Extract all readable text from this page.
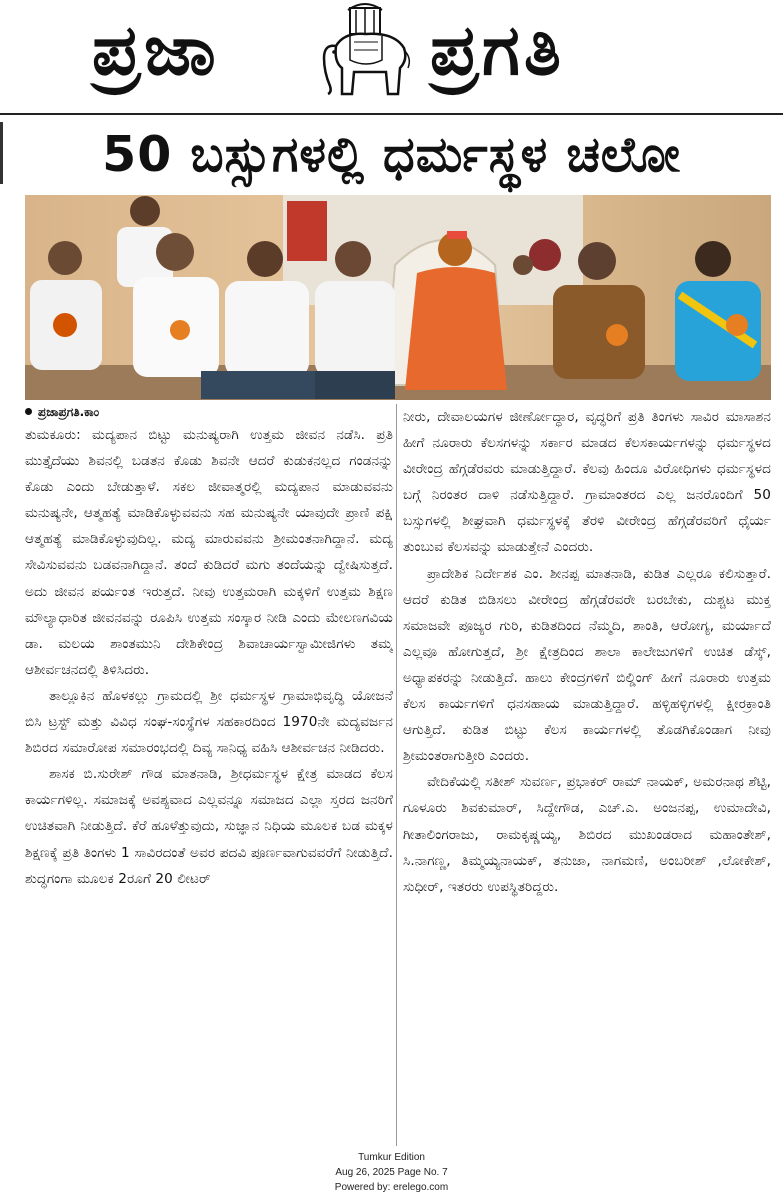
ಪ್ರಜಾ	ಪ್ರಗತಿ
50 ಬಸ್ಸುಗಳಲ್ಲಿ ಧರ್ಮಸ್ಥಳ ಚಲೋ
ಪ್ರಜಾಪ್ರಗತಿ.ಕಾಂ

ತುಮಕೂರು: ಮದ್ಯಪಾನ ಬಿಟ್ಟು ಮನುಷ್ಯರಾಗಿ ಉತ್ತಮ ಜೀವನ ನಡೆಸಿ. ಪ್ರತಿ ಮುತ್ತೈದೆಯು ಶಿವನಲ್ಲಿ ಬಡತನ ಕೊಡು ಶಿವನೇ ಆದರೆ ಕುಡುಕನಲ್ಲದ ಗಂಡನನ್ನು ಕೊಡು ಎಂದು ಬೇಡುತ್ತಾಳೆ. ಸಕಲ ಜೀವಾತ್ಮರಲ್ಲಿ ಮದ್ಯಪಾನ ಮಾಡುವವನು ಮನುಷ್ಯನೇ, ಆತ್ಮಹತ್ಯೆ ಮಾಡಿಕೊಳ್ಳುವವನು ಸಹ ಮನುಷ್ಯನೇ ಯಾವುದೇ ಪ್ರಾಣಿ ಪಕ್ಷಿ ಆತ್ಮಹತ್ಯೆ ಮಾಡಿಕೊಳ್ಳುವುದಿಲ್ಲ. ಮದ್ಯ ಮಾರುವವನು ಶ್ರೀಮಂತನಾಗಿದ್ದಾನೆ. ಮದ್ಯ ಸೇವಿಸುವವನು ಬಡವನಾಗಿದ್ದಾನೆ. ತಂದೆ ಕುಡಿದರೆ ಮಗು ತಂದೆಯನ್ನು ದ್ವೇಷಿಸುತ್ತದೆ. ಅದು ಜೀವನ ಪರ್ಯಂತ ಇರುತ್ತದೆ. ನೀವು ಉತ್ತಮರಾಗಿ ಮಕ್ಕಳಿಗೆ ಉತ್ತಮ ಶಿಕ್ಷಣ ಮೌಲ್ಯಾಧಾರಿತ ಜೀವನವನ್ನು ರೂಪಿಸಿ ಉತ್ತಮ ಸಂಸ್ಕಾರ ನೀಡಿ ಎಂದು ಮೇಲಣಗವಿಯ ಡಾ. ಮಲಯ ಶಾಂತಮುನಿ ದೇಶಿಕೇಂದ್ರ ಶಿವಾಚಾರ್ಯಸ್ವಾಮೀಜಿಗಳು ತಮ್ಮ ಆಶೀರ್ವಚನದಲ್ಲಿ ತಿಳಿಸಿದರು.

ತಾಲ್ಲೂಕಿನ ಹೊಳಕಲ್ಲು ಗ್ರಾಮದಲ್ಲಿ ಶ್ರೀ ಧರ್ಮಸ್ಥಳ ಗ್ರಾಮಾಭಿವೃದ್ಧಿ ಯೋಜನೆ ಬಿಸಿ ಟ್ರಸ್ಟ್ ಮತ್ತು ವಿವಿಧ ಸಂಘ-ಸಂಸ್ಥೆಗಳ ಸಹಕಾರದಿಂದ 1970ನೇ ಮದ್ಯವರ್ಜನ ಶಿಬಿರದ ಸಮಾರೋಪ ಸಮಾರಂಭದಲ್ಲಿ ದಿವ್ಯ ಸಾನಿಧ್ಯ ವಹಿಸಿ ಆಶೀರ್ವಚನ ನೀಡಿದರು.

ಶಾಸಕ ಬಿ.ಸುರೇಶ್ ಗೌಡ ಮಾತನಾಡಿ, ಶ್ರೀಧರ್ಮಸ್ಥಳ ಕ್ಷೇತ್ರ ಮಾಡದ ಕೆಲಸ ಕಾರ್ಯಗಳಿಲ್ಲ. ಸಮಾಜಕ್ಕೆ ಅವಶ್ಯವಾದ ಎಲ್ಲವನ್ನೂ ಸಮಾಜದ ಎಲ್ಲಾ ಸ್ತರದ ಜನರಿಗೆ ಉಚಿತವಾಗಿ ನೀಡುತ್ತಿದೆ. ಕೆರೆ ಹೂಳೆತ್ತುವುದು, ಸುಜ್ಞಾನ ನಿಧಿಯ ಮೂಲಕ ಬಡ ಮಕ್ಕಳ ಶಿಕ್ಷಣಕ್ಕೆ ಪ್ರತಿ ತಿಂಗಳು 1 ಸಾವಿರದಂತೆ ಅವರ ಪದವಿ ಪೂರ್ಣವಾಗುವವರೆಗೆ ನೀಡುತ್ತಿದೆ. ಶುದ್ಧಗಂಗಾ ಮೂಲಕ 2ರೂಗೆ 20 ಲೀಟರ್

ನೀರು, ದೇವಾಲಯಗಳ ಜೀರ್ಣೋದ್ಧಾರ, ವೃದ್ಧರಿಗೆ ಪ್ರತಿ ತಿಂಗಳು ಸಾವಿರ ಮಾಸಾಶನ ಹೀಗೆ ನೂರಾರು ಕೆಲಸಗಳನ್ನು ಸರ್ಕಾರ ಮಾಡದ ಕೆಲಸಕಾರ್ಯಗಳನ್ನು ಧರ್ಮಸ್ಥಳದ ವೀರೇಂದ್ರ ಹೆಗ್ಗಡೆರವರು ಮಾಡುತ್ತಿದ್ದಾರೆ. ಕೆಲವು ಹಿಂದೂ ವಿರೋಧಿಗಳು ಧರ್ಮಸ್ಥಳದ ಬಗ್ಗೆ ನಿರಂತರ ದಾಳಿ ನಡೆಸುತ್ತಿದ್ದಾರೆ. ಗ್ರಾಮಾಂತರದ ಎಲ್ಲ ಜನರೊಂದಿಗೆ 50 ಬಸ್ಸುಗಳಲ್ಲಿ ಶೀಘ್ರವಾಗಿ ಧರ್ಮಸ್ಥಳಕ್ಕೆ ತೆರಳಿ ವೀರೇಂದ್ರ ಹೆಗ್ಗಡೆರವರಿಗೆ ಧೈರ್ಯ ತುಂಬುವ ಕೆಲಸವನ್ನು ಮಾಡುತ್ತೇನೆ ಎಂದರು.

ಪ್ರಾದೇಶಿಕ ನಿರ್ದೇಶಕ ಎಂ. ಶೀನಪ್ಪ ಮಾತನಾಡಿ, ಕುಡಿತ ಎಲ್ಲರೂ ಕಲಿಸುತ್ತಾರೆ. ಆದರೆ ಕುಡಿತ ಬಿಡಿಸಲು ವೀರೇಂದ್ರ ಹೆಗ್ಗಡೆರವರೇ ಬರಬೇಕು, ದುಶ್ಚಟ ಮುಕ್ತ ಸಮಾಜವೇ ಪೂಜ್ಯರ ಗುರಿ, ಕುಡಿತದಿಂದ ನೆಮ್ಮದಿ, ಶಾಂತಿ, ಆರೋಗ್ಯ, ಮರ್ಯಾದೆ ಎಲ್ಲವೂ ಹೋಗುತ್ತದೆ, ಶ್ರೀ ಕ್ಷೇತ್ರದಿಂದ ಶಾಲಾ ಕಾಲೇಜುಗಳಿಗೆ ಉಚಿತ ಡೆಸ್ಕ್, ಅಧ್ಯಾಪಕರನ್ನು ನೀಡುತ್ತಿದೆ. ಹಾಲು ಕೇಂದ್ರಗಳಿಗೆ ಬಿಲ್ಡಿಂಗ್ ಹೀಗೆ ನೂರಾರು ಉತ್ತಮ ಕೆಲಸ ಕಾರ್ಯಗಳಿಗೆ ಧನಸಹಾಯ ಮಾಡುತ್ತಿದ್ದಾರೆ. ಹಳ್ಳಿಹಳ್ಳಿಗಳಲ್ಲಿ ಕ್ಷೀರಕ್ರಾಂತಿ ಆಗುತ್ತಿದೆ. ಕುಡಿತ ಬಿಟ್ಟು ಕೆಲಸ ಕಾರ್ಯಗಳಲ್ಲಿ ತೊಡಗಿಕೊಂಡಾಗ ನೀವು ಶ್ರೀಮಂತರಾಗುತ್ತೀರಿ ಎಂದರು.

ವೇದಿಕೆಯಲ್ಲಿ ಸತೀಶ್ ಸುವರ್ಣ, ಪ್ರಭಾಕರ್ ರಾಮ್ ನಾಯಕ್, ಅಮರನಾಥ ಶೆಟ್ಟಿ, ಗೂಳೂರು ಶಿವಕುಮಾರ್, ಸಿದ್ದೇಗೌಡ, ಎಚ್.ಎ. ಅಂಜನಪ್ಪ, ಉಮಾದೇವಿ, ಗೀತಾಲಿಂಗರಾಜು, ರಾಮಕೃಷ್ಣಯ್ಯ, ಶಿಬಿರದ ಮುಖಂಡರಾದ ಮಹಾಂತೇಶ್, ಸಿ.ನಾಗಣ್ಣ, ತಿಮ್ಮಯ್ಯನಾಯಕ್, ತನುಜಾ, ನಾಗಮಣಿ, ಅಂಬರೀಶ್ ,ಲೋಕೇಶ್, ಸುಧೀರ್, ಇತರರು ಉಪಸ್ಥಿತರಿದ್ದರು.

Tumkur Edition
Aug 26, 2025 Page No. 7
Powered by: erelego.com
